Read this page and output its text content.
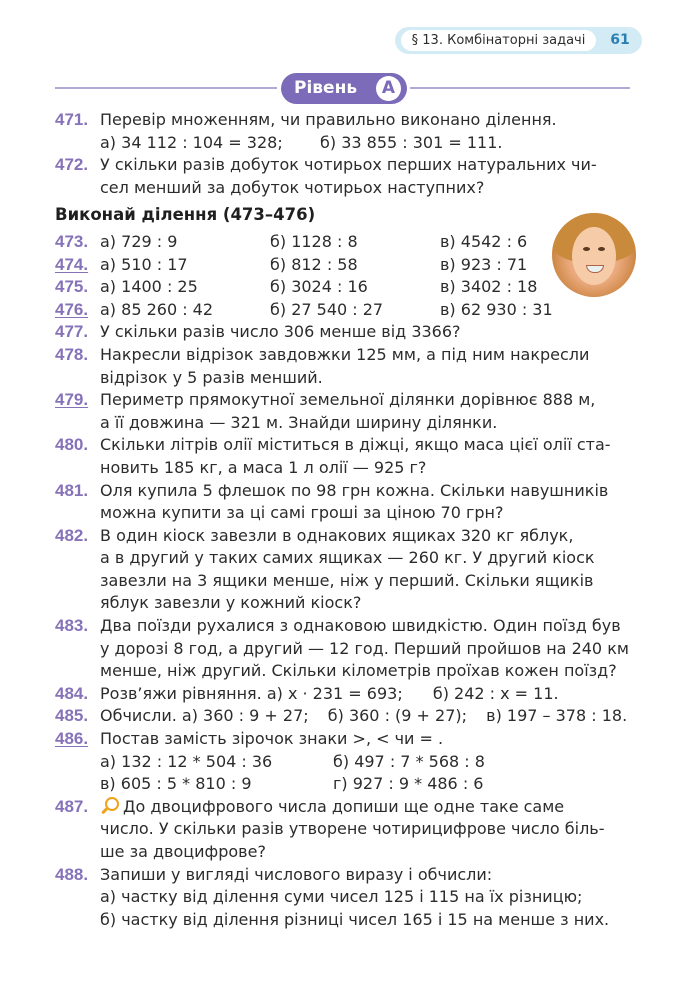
§ 13. Комбінаторні задачі	61
Рівень	А
471. Перевір множенням, чи правильно виконано ділення.
а) 34 112 : 104 = 328;	б) 33 855 : 301 = 111.
472. У скільки разів добуток чотирьох перших натуральних чи-
сел менший за добуток чотирьох наступних?
Виконай ділення (473–476)
473. а) 729 : 9	б) 1128 : 8	в) 4542 : 6
474. а) 510 : 17	б) 812 : 58	в) 923 : 71
475. а) 1400 : 25	б) 3024 : 16	в) 3402 : 18
476. а) 85 260 : 42	б) 27 540 : 27	в) 62 930 : 31
477. У скільки разів число 306 менше від 3366?
478. Накресли відрізок завдовжки 125 мм, а під ним накресли
відрізок у 5 разів менший.
479. Периметр прямокутної земельної ділянки дорівнює 888 м,
а її довжина — 321 м. Знайди ширину ділянки.
480. Скільки літрів олії міститься в діжці, якщо маса цієї олії ста-
новить 185 кг, а маса 1 л олії — 925 г?
481. Оля купила 5 флешок по 98 грн кожна. Скільки навушників
можна купити за ці самі гроші за ціною 70 грн?
482. В один кіоск завезли в однакових ящиках 320 кг яблук,
а в другий у таких самих ящиках — 260 кг. У другий кіоск
завезли на 3 ящики менше, ніж у перший. Скільки ящиків
яблук завезли у кожний кіоск?
483. Два поїзди рухалися з однаковою швидкістю. Один поїзд був
у дорозі 8 год, а другий — 12 год. Перший пройшов на 240 км
менше, ніж другий. Скільки кілометрів проїхав кожен поїзд?
484. Розв’яжи рівняння. а) x · 231 = 693; б) 242 : x = 11.
485. Обчисли. а) 360 : 9 + 27; б) 360 : (9 + 27); в) 197 – 378 : 18.
486. Постав замість зірочок знаки >, < чи = .
а) 132 : 12 * 504 : 36	б) 497 : 7 * 568 : 8
в) 605 : 5 * 810 : 9	г) 927 : 9 * 486 : 6
487.	До двоцифрового числа допиши ще одне таке саме
число. У скільки разів утворене чотирицифрове число біль-
ше за двоцифрове?
488. Запиши у вигляді числового виразу і обчисли:
а) частку від ділення суми чисел 125 і 115 на їх різницю;
б) частку від ділення різниці чисел 165 і 15 на менше з них.
